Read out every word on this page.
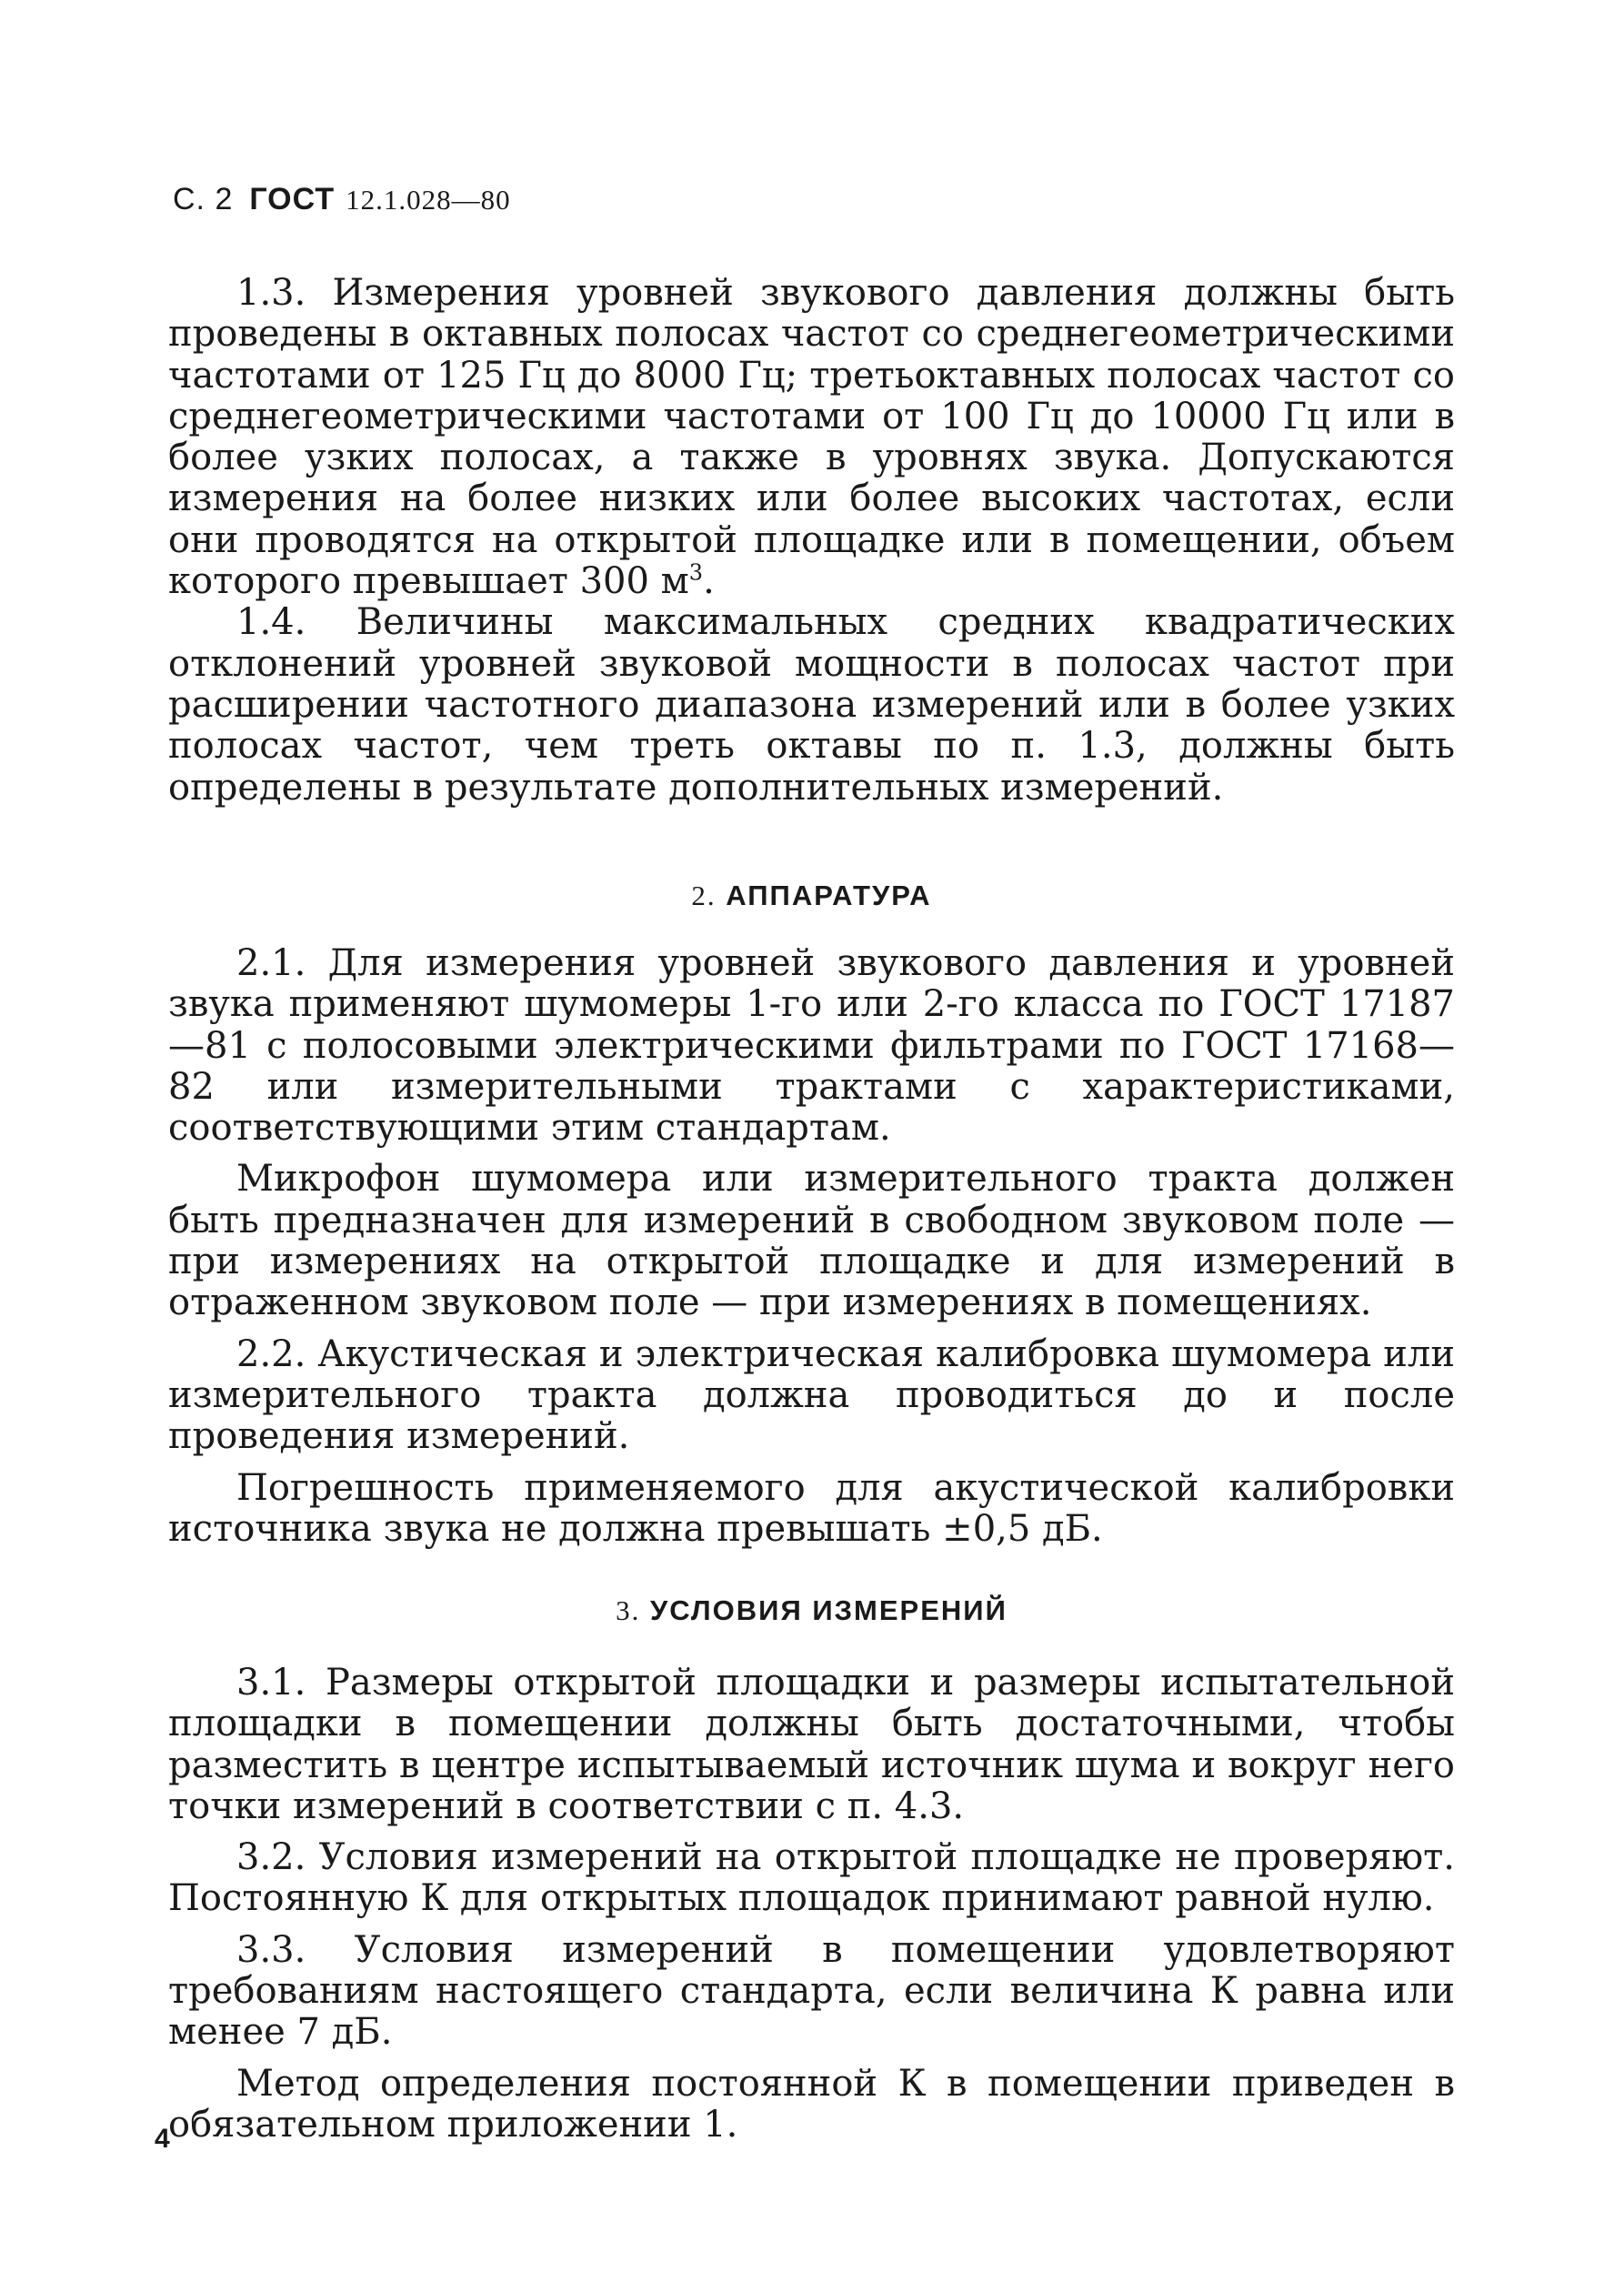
С. 2 ГОСТ 12.1.028—80

1.3. Измерения уровней звукового давления должны быть проведены в октавных полосах частот со среднегеометрическими частотами от 125 Гц до 8000 Гц; третьоктавных полосах частот со среднегеометрическими частотами от 100 Гц до 10000 Гц или в более узких полосах, а также в уровнях звука. Допускаются измерения на более низких или более высоких частотах, если они проводятся на открытой площадке или в помещении, объем которого превышает 300 $м^3$.

1.4. Величины максимальных средних квадратических отклонений уровней звуковой мощности в полосах частот при расширении частотного диапазона измерений или в более узких полосах частот, чем треть октавы по п. 1.3, должны быть определены в результате дополнительных измерений.

2. АППАРАТУРА

2.1. Для измерения уровней звукового давления и уровней звука применяют шумомеры 1-го или 2-го класса по ГОСТ 17187—81 с полосовыми электрическими фильтрами по ГОСТ 17168—82 или измерительными трактами с характеристиками, соответствующими этим стандартам.

Микрофон шумомера или измерительного тракта должен быть предназначен для измерений в свободном звуковом поле — при измерениях на открытой площадке и для измерений в отраженном звуковом поле — при измерениях в помещениях.

2.2. Акустическая и электрическая калибровка шумомера или измерительного тракта должна проводиться до и после проведения измерений.

Погрешность применяемого для акустической калибровки источника звука не должна превышать ±0,5 дБ.

3. УСЛОВИЯ ИЗМЕРЕНИЙ

3.1. Размеры открытой площадки и размеры испытательной площадки в помещении должны быть достаточными, чтобы разместить в центре испытываемый источник шума и вокруг него точки измерений в соответствии с п. 4.3.

3.2. Условия измерений на открытой площадке не проверяют. Постоянную К для открытых площадок принимают равной нулю.

3.3. Условия измерений в помещении удовлетворяют требованиям настоящего стандарта, если величина К равна или менее 7 дБ.

Метод определения постоянной К в помещении приведен в обязательном приложении 1.

4
